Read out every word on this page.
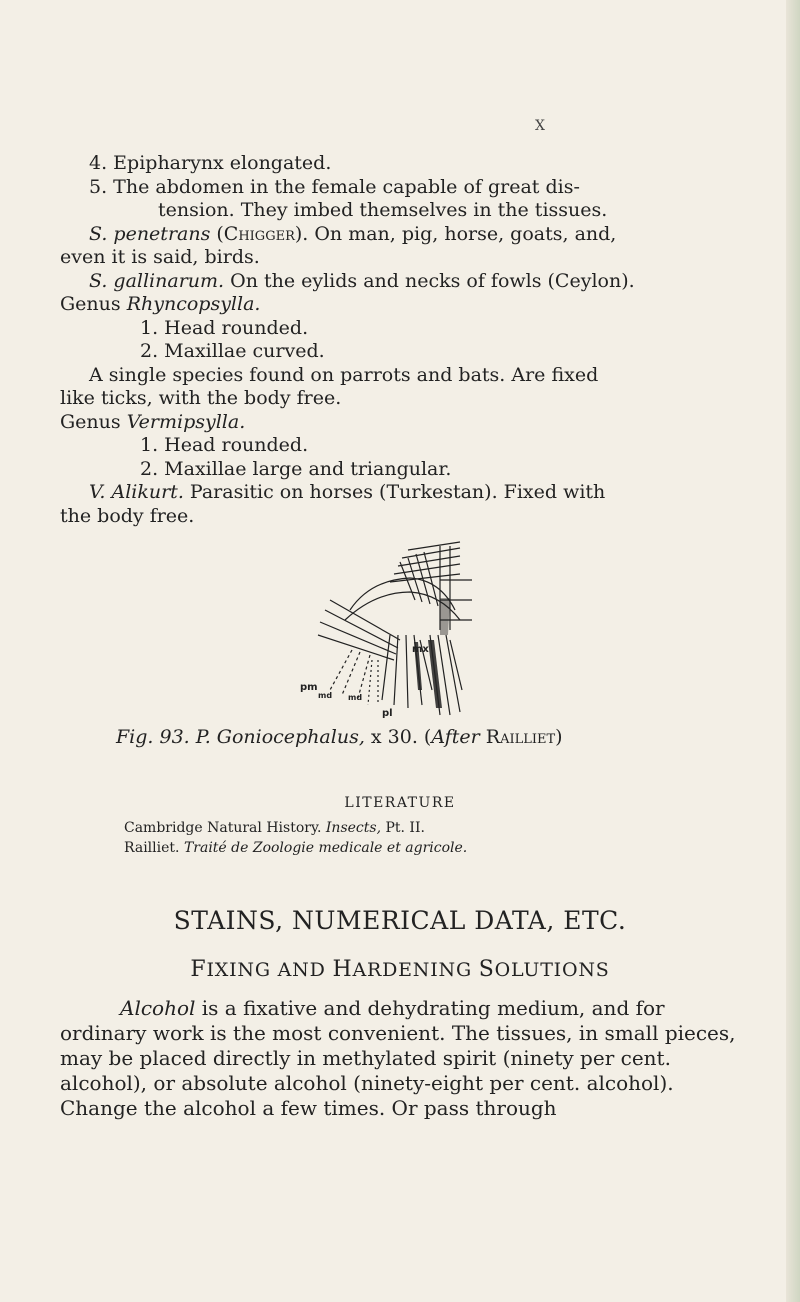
X

4. Epipharynx elongated.

5. The abdomen in the female capable of great dis-

tension. They imbed themselves in the tissues.

S. penetrans (Chigger). On man, pig, horse, goats, and,

even it is said, birds.

S. gallinarum. On the eylids and necks of fowls (Ceylon).

Genus Rhyncopsylla.

1. Head rounded.

2. Maxillae curved.

A single species found on parrots and bats. Are fixed

like ticks, with the body free.

Genus Vermipsylla.

1. Head rounded.

2. Maxillae large and triangular.

V. Alikurt. Parasitic on horses (Turkestan). Fixed with

the body free.

mx
pm
md md
pl
Fig. 93. P. Goniocephalus, x 30. (After Railliet)
LITERATURE

Cambridge Natural History. Insects, Pt. II.

Railliet. Traité de Zoologie medicale et agricole.

STAINS, NUMERICAL DATA, ETC.
FIXING AND HARDENING SOLUTIONS

Alcohol is a fixative and dehydrating medium, and for ordinary work is the most convenient. The tissues, in small pieces, may be placed directly in methylated spirit (ninety per cent. alcohol), or absolute alcohol (ninety-eight per cent. alcohol). Change the alcohol a few times. Or pass through
